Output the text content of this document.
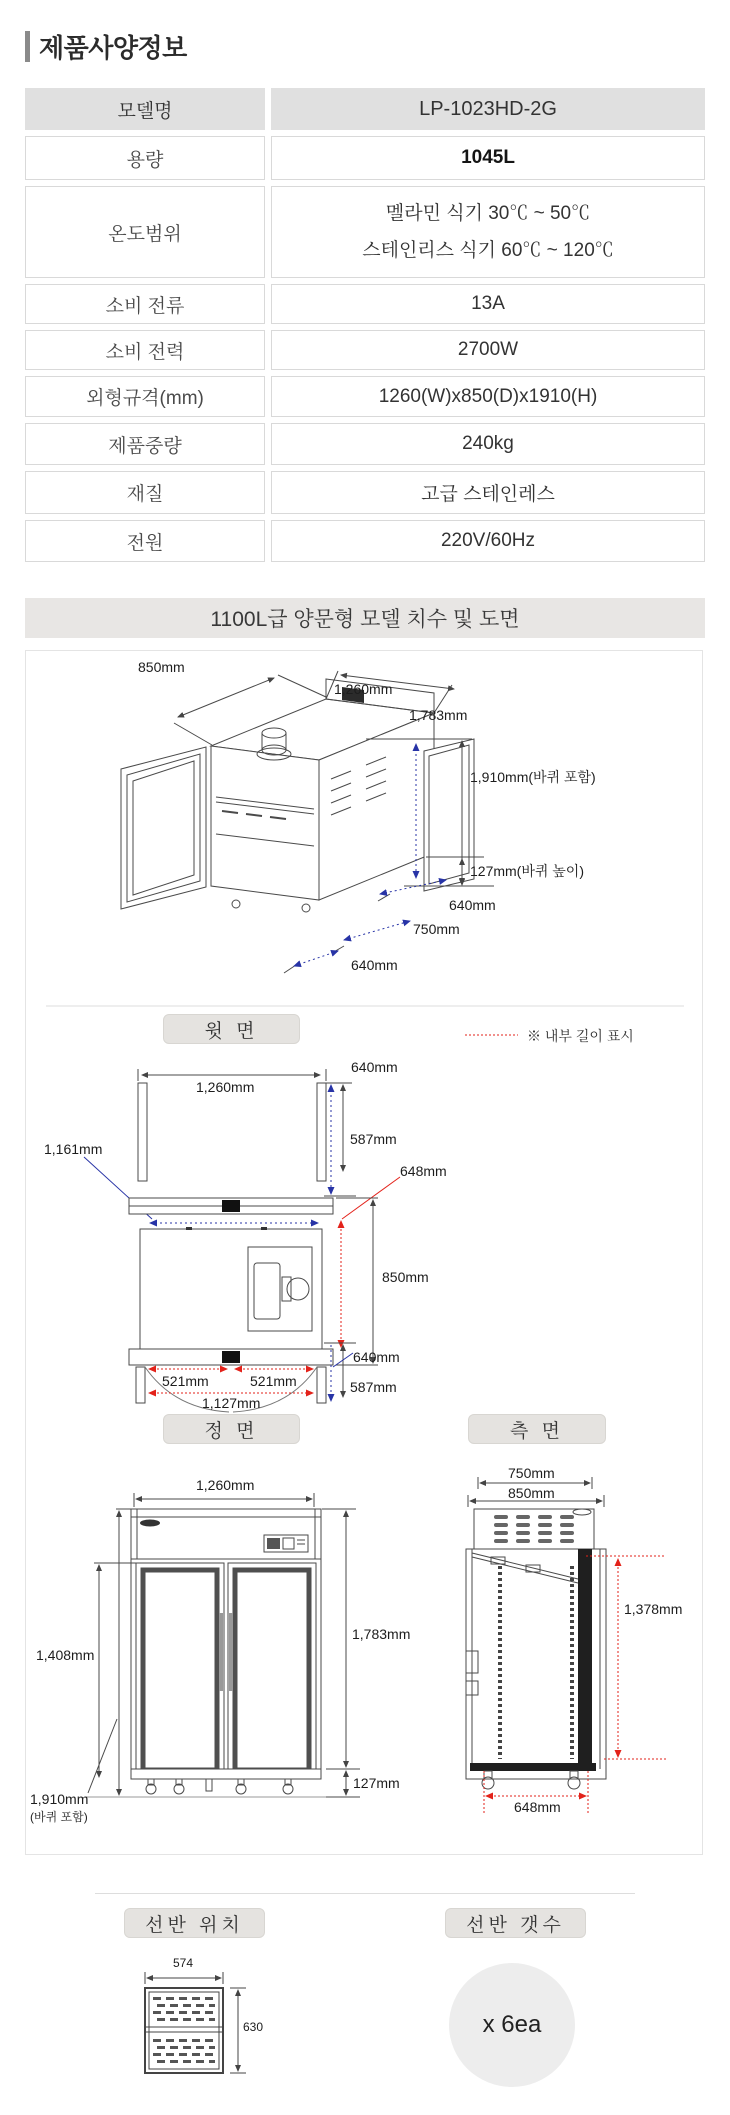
제품사양정보
모델명	LP-1023HD-2G
용량	1045L
온도범위
멜라민 식기 30℃ ~ 50℃
스테인리스 식기 60℃ ~ 120℃
소비 전류	13A
소비 전력	2700W
외형규격(mm)	1260(W)x850(D)x1910(H)
제품중량	240kg
재질	고급 스테인레스
전원	220V/60Hz
1100L급 양문형 모델 치수 및 도면
850mm
1,260mm
1,783mm
1,910mm(바퀴 포함)
127mm(바퀴 높이)
640mm
750mm
640mm
윗 면	※ 내부 길이 표시
1,260mm
640mm
587mm
1,161mm
648mm
850mm
521mm	521mm
1,127mm
640mm
587mm
정 면	측 면
1,260mm
1,408mm
1,783mm
1,910mm
(바퀴 포함)
127mm
750mm
850mm
1,378mm
648mm
선반 위치	선반 갯수
574
630	x 6ea
